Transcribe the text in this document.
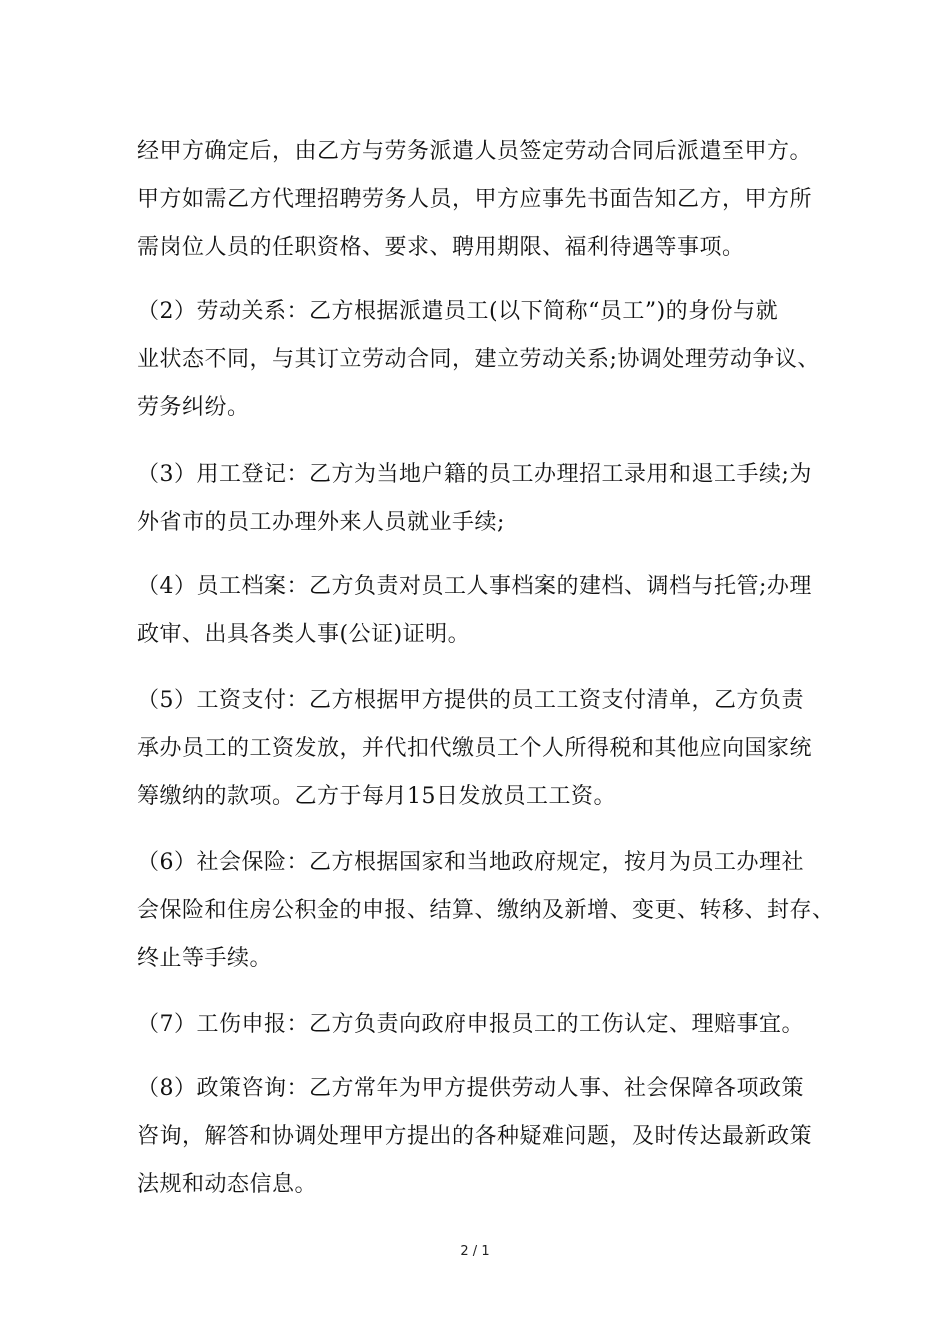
经甲方确定后，由乙方与劳务派遣人员签定劳动合同后派遣至甲方。
甲方如需乙方代理招聘劳务人员，甲方应事先书面告知乙方，甲方所
需岗位人员的任职资格、要求、聘用期限、福利待遇等事项。
（2）劳动关系：乙方根据派遣员工(以下简称“员工”)的身份与就
业状态不同，与其订立劳动合同，建立劳动关系;协调处理劳动争议、
劳务纠纷。
（3）用工登记：乙方为当地户籍的员工办理招工录用和退工手续;为
外省市的员工办理外来人员就业手续;
（4）员工档案：乙方负责对员工人事档案的建档、调档与托管;办理
政审、出具各类人事(公证)证明。
（5）工资支付：乙方根据甲方提供的员工工资支付清单，乙方负责
承办员工的工资发放，并代扣代缴员工个人所得税和其他应向国家统
筹缴纳的款项。乙方于每月15日发放员工工资。
（6）社会保险：乙方根据国家和当地政府规定，按月为员工办理社
会保险和住房公积金的申报、结算、缴纳及新增、变更、转移、封存、
终止等手续。
（7）工伤申报：乙方负责向政府申报员工的工伤认定、理赔事宜。
（8）政策咨询：乙方常年为甲方提供劳动人事、社会保障各项政策
咨询，解答和协调处理甲方提出的各种疑难问题，及时传达最新政策
法规和动态信息。
2 / 1
